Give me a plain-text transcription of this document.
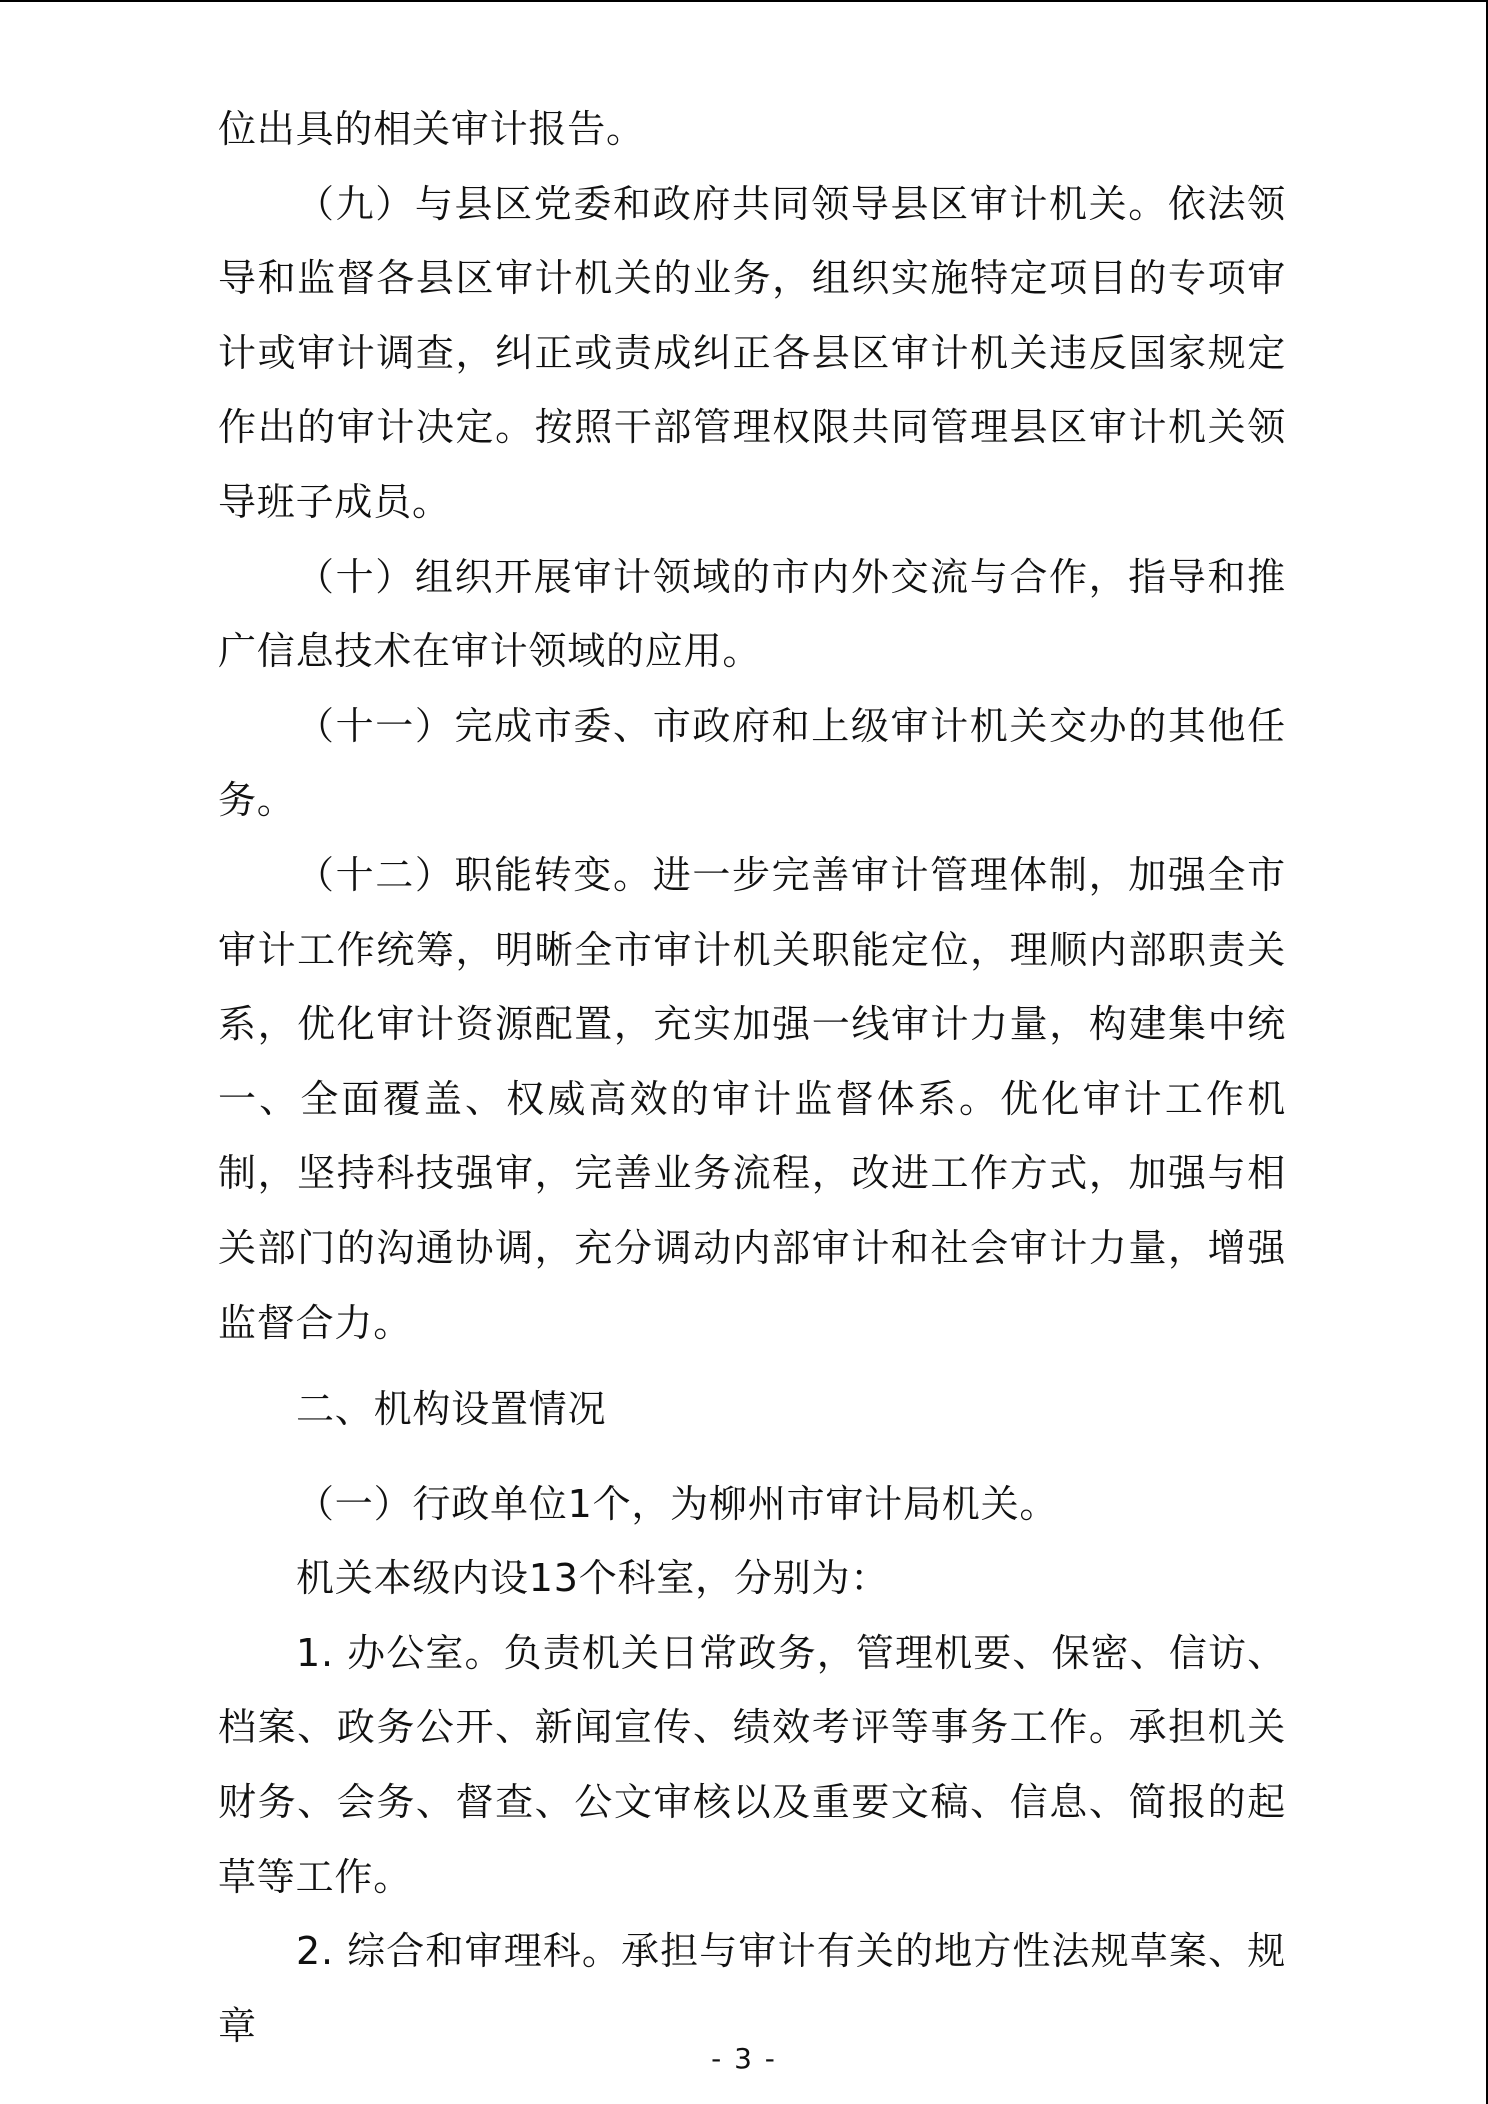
位出具的相关审计报告。

（九）与县区党委和政府共同领导县区审计机关。依法领导和监督各县区审计机关的业务，组织实施特定项目的专项审计或审计调查，纠正或责成纠正各县区审计机关违反国家规定作出的审计决定。按照干部管理权限共同管理县区审计机关领导班子成员。

（十）组织开展审计领域的市内外交流与合作，指导和推广信息技术在审计领域的应用。

（十一）完成市委、市政府和上级审计机关交办的其他任务。

（十二）职能转变。进一步完善审计管理体制，加强全市审计工作统筹，明晰全市审计机关职能定位，理顺内部职责关系，优化审计资源配置，充实加强一线审计力量，构建集中统一、全面覆盖、权威高效的审计监督体系。优化审计工作机制，坚持科技强审，完善业务流程，改进工作方式，加强与相关部门的沟通协调，充分调动内部审计和社会审计力量，增强监督合力。

二、机构设置情况

（一）行政单位1个，为柳州市审计局机关。

机关本级内设13个科室，分别为：

1. 办公室。负责机关日常政务，管理机要、保密、信访、档案、政务公开、新闻宣传、绩效考评等事务工作。承担机关财务、会务、督查、公文审核以及重要文稿、信息、简报的起草等工作。

2. 综合和审理科。承担与审计有关的地方性法规草案、规章

- 3 -
